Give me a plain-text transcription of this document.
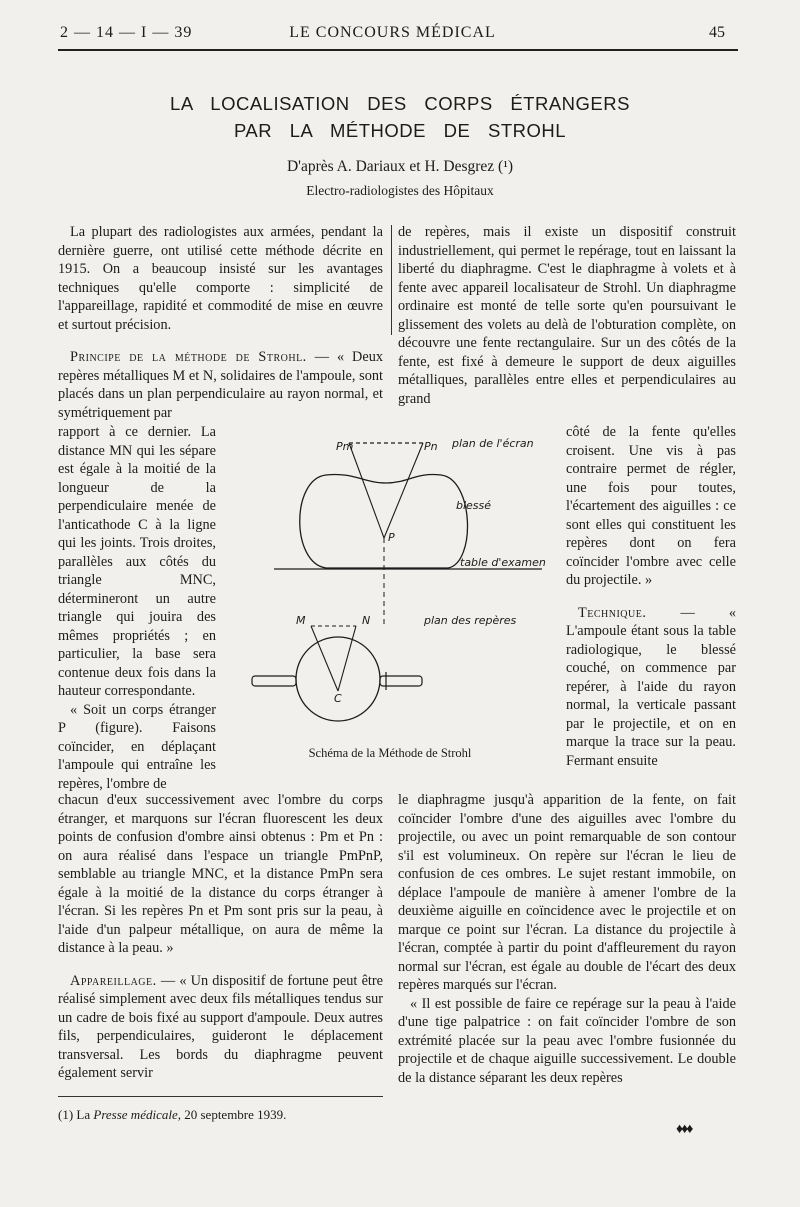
2 — 14 — I — 39	LE CONCOURS MÉDICAL	45
LA LOCALISATION DES CORPS ÉTRANGERS
PAR LA MÉTHODE DE STROHL
D'après A. Dariaux et H. Desgrez (¹)
Electro-radiologistes des Hôpitaux

La plupart des radiologistes aux armées, pendant la dernière guerre, ont utilisé cette méthode décrite en 1915. On a beaucoup insisté sur les avantages techniques qu'elle comporte : simplicité de l'appareillage, rapidité et commodité de mise en œuvre et surtout précision.

Principe de la méthode de Strohl. — « Deux repères métalliques M et N, solidaires de l'ampoule, sont placés dans un plan perpendiculaire au rayon normal, et symétriquement par

rapport à ce dernier. La distance MN qui les sépare est égale à la moitié de la longueur de la perpendiculaire menée de l'anticathode C à la ligne qui les joints. Trois droites, parallèles aux côtés du triangle MNC, détermineront un autre triangle qui jouira des mêmes propriétés ; en particulier, la base sera contenue deux fois dans la hauteur correspondante.

« Soit un corps étranger P (figure). Faisons coïncider, en déplaçant l'ampoule qui entraîne les repères, l'ombre de

chacun d'eux successivement avec l'ombre du corps étranger, et marquons sur l'écran fluorescent les deux points de confusion d'ombre ainsi obtenus : Pm et Pn : on aura réalisé dans l'espace un triangle PmPnP, semblable au triangle MNC, et la distance PmPn sera égale à la moitié de la distance du corps étranger à l'écran. Si les repères Pn et Pm sont pris sur la peau, à l'aide d'un palpeur métallique, on aura de même la distance à la peau. »

Appareillage. — « Un dispositif de fortune peut être réalisé simplement avec deux fils métalliques tendus sur un cadre de bois fixé au support d'ampoule. Deux autres fils, perpendiculaires, guideront le déplacement transversal. Les bords du diaphragme peuvent également servir

de repères, mais il existe un dispositif construit industriellement, qui permet le repérage, tout en laissant la liberté du diaphragme. C'est le diaphragme à volets et à fente avec appareil localisateur de Strohl. Un diaphragme ordinaire est monté de telle sorte qu'en poursuivant le glissement des volets au delà de l'obturation complète, on découvre une fente rectangulaire. Sur un des côtés de la fente, est fixé à demeure le support de deux aiguilles métalliques, parallèles entre elles et perpendiculaires au grand

côté de la fente qu'elles croisent. Une vis à pas contraire permet de régler, une fois pour toutes, l'écartement des aiguilles : ce sont elles qui constituent les repères dont on fera coïncider l'ombre avec celle du projectile. »

Technique. — « L'ampoule étant sous la table radiologique, le blessé couché, on commence par repérer, à l'aide du rayon normal, la verticale passant par le projectile, et on en marque la trace sur la peau. Fermant ensuite

le diaphragme jusqu'à apparition de la fente, on fait coïncider l'ombre d'une des aiguilles avec l'ombre du projectile, ou avec un point remarquable de son contour s'il est volumineux. On repère sur l'écran le lieu de confusion de ces ombres. Le sujet restant immobile, on déplace l'ampoule de manière à amener l'ombre de la deuxième aiguille en coïncidence avec le projectile et on marque ce point sur l'écran. La distance du projectile à l'écran, comptée à partir du point d'affleurement du rayon normal sur l'écran, est égale au double de l'écart des deux repères marqués sur l'écran.

« Il est possible de faire ce repérage sur la peau à l'aide d'une tige palpatrice : on fait coïncider l'ombre de son extrémité placée sur la peau avec l'ombre fusionnée du projectile et de chaque aiguille successivement. Le double de la distance séparant les deux repères

Pm	Pn plan de l'écran
blessé
P
table d'examen
M	N	plan des repères
C
Schéma de la Méthode de Strohl
(1) La Presse médicale, 20 septembre 1939.
♦♦♦
